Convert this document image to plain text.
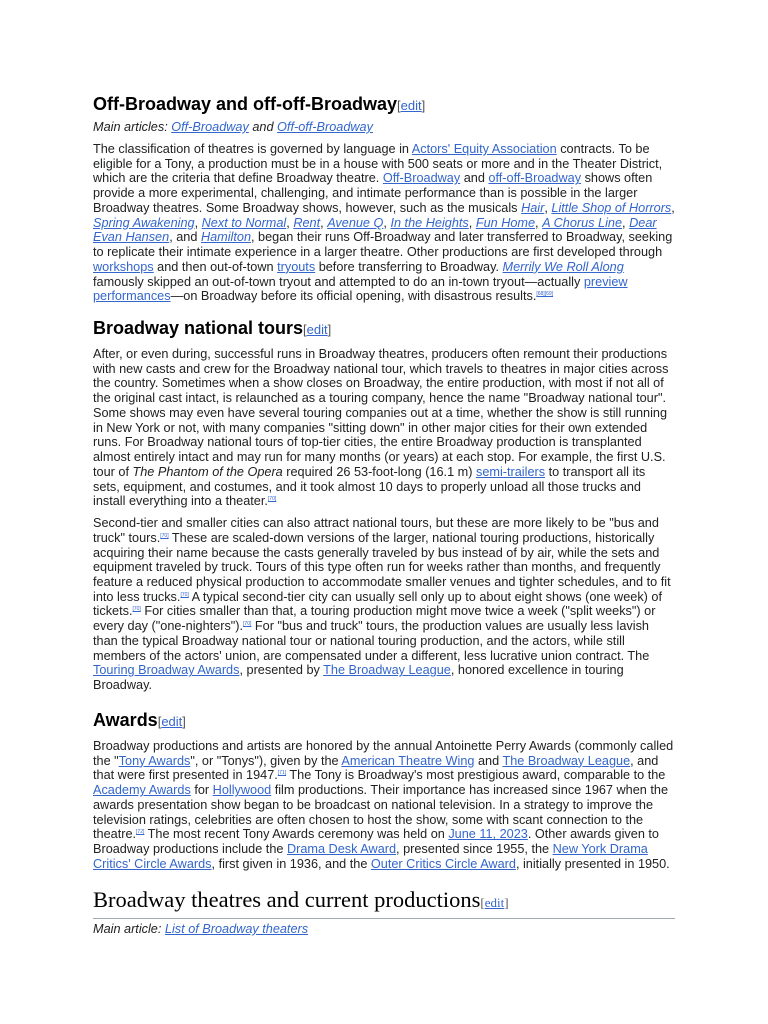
Off-Broadway and off-off-Broadway[edit]
Main articles: Off-Broadway and Off-off-Broadway

The classification of theatres is governed by language in Actors' Equity Association contracts. To be eligible for a Tony, a production must be in a house with 500 seats or more and in the Theater District, which are the criteria that define Broadway theatre. Off-Broadway and off-off-Broadway shows often provide a more experimental, challenging, and intimate performance than is possible in the larger Broadway theatres. Some Broadway shows, however, such as the musicals Hair, Little Shop of Horrors, Spring Awakening, Next to Normal, Rent, Avenue Q, In the Heights, Fun Home, A Chorus Line, Dear Evan Hansen, and Hamilton, began their runs Off-Broadway and later transferred to Broadway, seeking to replicate their intimate experience in a larger theatre. Other productions are first developed through workshops and then out-of-town tryouts before transferring to Broadway. Merrily We Roll Along famously skipped an out-of-town tryout and attempted to do an in-town tryout—actually preview performances—on Broadway before its official opening, with disastrous results.[68][69]

Broadway national tours[edit]

After, or even during, successful runs in Broadway theatres, producers often remount their productions with new casts and crew for the Broadway national tour, which travels to theatres in major cities across the country. Sometimes when a show closes on Broadway, the entire production, with most if not all of the original cast intact, is relaunched as a touring company, hence the name "Broadway national tour". Some shows may even have several touring companies out at a time, whether the show is still running in New York or not, with many companies "sitting down" in other major cities for their own extended runs. For Broadway national tours of top-tier cities, the entire Broadway production is transplanted almost entirely intact and may run for many months (or years) at each stop. For example, the first U.S. tour of The Phantom of the Opera required 26 53-foot-long (16.1 m) semi-trailers to transport all its sets, equipment, and costumes, and it took almost 10 days to properly unload all those trucks and install everything into a theater.[70]

Second-tier and smaller cities can also attract national tours, but these are more likely to be "bus and truck" tours.[70] These are scaled-down versions of the larger, national touring productions, historically acquiring their name because the casts generally traveled by bus instead of by air, while the sets and equipment traveled by truck. Tours of this type often run for weeks rather than months, and frequently feature a reduced physical production to accommodate smaller venues and tighter schedules, and to fit into less trucks.[70] A typical second-tier city can usually sell only up to about eight shows (one week) of tickets.[70] For cities smaller than that, a touring production might move twice a week ("split weeks") or every day ("one-nighters").[70] For "bus and truck" tours, the production values are usually less lavish than the typical Broadway national tour or national touring production, and the actors, while still members of the actors' union, are compensated under a different, less lucrative union contract. The Touring Broadway Awards, presented by The Broadway League, honored excellence in touring Broadway.

Awards[edit]

Broadway productions and artists are honored by the annual Antoinette Perry Awards (commonly called the "Tony Awards", or "Tonys"), given by the American Theatre Wing and The Broadway League, and that were first presented in 1947.[71] The Tony is Broadway's most prestigious award, comparable to the Academy Awards for Hollywood film productions. Their importance has increased since 1967 when the awards presentation show began to be broadcast on national television. In a strategy to improve the television ratings, celebrities are often chosen to host the show, some with scant connection to the theatre.[72] The most recent Tony Awards ceremony was held on June 11, 2023. Other awards given to Broadway productions include the Drama Desk Award, presented since 1955, the New York Drama Critics' Circle Awards, first given in 1936, and the Outer Critics Circle Award, initially presented in 1950.

Broadway theatres and current productions[edit]
Main article: List of Broadway theaters
